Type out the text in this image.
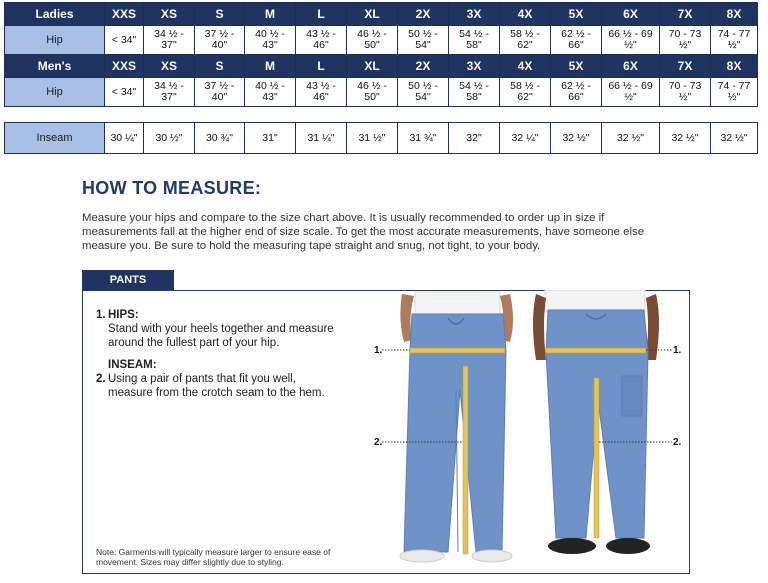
Ladies	XXS	XS	S	M	L	XL	2X	3X	4X	5X	6X	7X	8X
Hip	< 34"	34 ½ - 37"	37 ½ - 40"	40 ½ - 43"	43 ½ - 46"	46 ½ - 50"	50 ½ - 54"	54 ½ - 58"	58 ½ - 62"	62 ½ - 66"	66 ½ - 69 ½"	70 - 73 ½"	74 - 77 ½"
Men's	XXS	XS	S	M	L	XL	2X	3X	4X	5X	6X	7X	8X
Hip	< 34"	34 ½ - 37"	37 ½ - 40"	40 ½ - 43"	43 ½ - 46"	46 ½ - 50"	50 ½ - 54"	54 ½ - 58"	58 ½ - 62"	62 ½ - 66"	66 ½ - 69 ½"	70 - 73 ½"	74 - 77 ½"
Inseam	30 ¼"	30 ½"	30 ¾"	31"	31 ¼"	31 ½"	31 ¾"	32"	32 ¼"	32 ½"	32 ½"	32 ½"	32 ½"
HOW TO MEASURE:
Measure your hips and compare to the size chart above. It is usually recommended to order up in size if measurements fall at the higher end of size scale. To get the most accurate measurements, have someone else measure you. Be sure to hold the measuring tape straight and snug, not tight, to your body.
PANTS
1. HIPS:
Stand with your heels together and measure around the fullest part of your hip.
INSEAM:
2. Using a pair of pants that fit you well, measure from the crotch seam to the hem.
Note: Garments will typically measure larger to ensure ease of movement. Sizes may differ slightly due to styling.
1.	1.
2.	2.
